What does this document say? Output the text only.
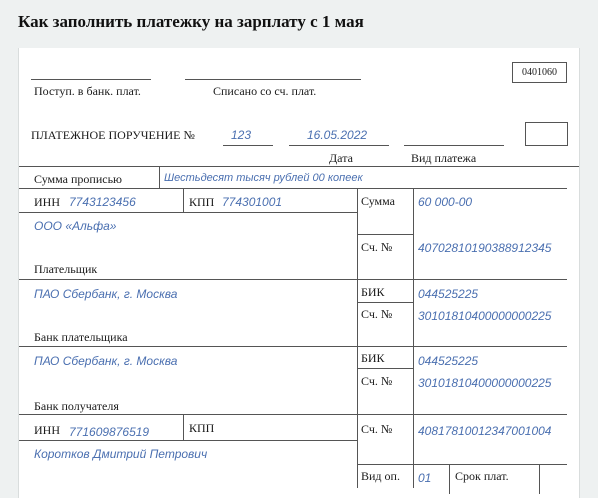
Как заполнить платежку на зарплату с 1 мая
0401060
Поступ. в банк. плат.	Списано со сч. плат.
ПЛАТЕЖНОЕ ПОРУЧЕНИЕ №	123	16.05.2022
Дата	Вид платежа
Сумма прописью	Шестьдесят тысяч рублей 00 копеек
ИНН 7743123456	КПП 774301001	Сумма 60 000-00
ООО «Альфа»
Сч. № 40702810190388912345
Плательщик
ПАО Сбербанк, г. Москва	БИК	044525225
Сч. № 30101810400000000225
Банк плательщика
ПАО Сбербанк, г. Москва	БИК	044525225
Сч. № 30101810400000000225
Банк получателя
ИНН 771609876519	КПП	Сч. № 40817810012347001004
Коротков Дмитрий Петрович
Вид оп. 01 Срок плат.
